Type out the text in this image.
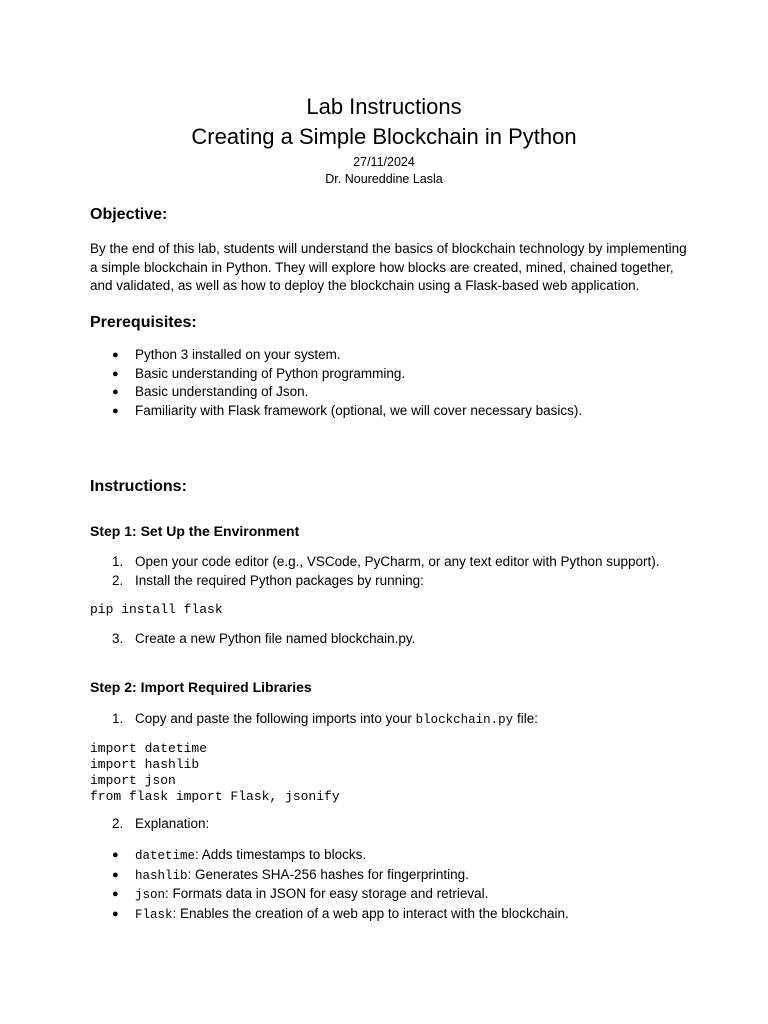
Lab Instructions
Creating a Simple Blockchain in Python
27/11/2024
Dr. Noureddine Lasla
Objective:
By the end of this lab, students will understand the basics of blockchain technology by implementing a simple blockchain in Python. They will explore how blocks are created, mined, chained together, and validated, as well as how to deploy the blockchain using a Flask-based web application.
Prerequisites:
● Python 3 installed on your system.
● Basic understanding of Python programming.
● Basic understanding of Json.
● Familiarity with Flask framework (optional, we will cover necessary basics).
Instructions:
Step 1: Set Up the Environment
1. Open your code editor (e.g., VSCode, PyCharm, or any text editor with Python support).
2. Install the required Python packages by running:
pip install flask
3. Create a new Python file named blockchain.py.
Step 2: Import Required Libraries
1. Copy and paste the following imports into your blockchain.py file:
import datetime
import hashlib
import json
from flask import Flask, jsonify
2. Explanation:
● datetime: Adds timestamps to blocks.
● hashlib: Generates SHA-256 hashes for fingerprinting.
● json: Formats data in JSON for easy storage and retrieval.
● Flask: Enables the creation of a web app to interact with the blockchain.
